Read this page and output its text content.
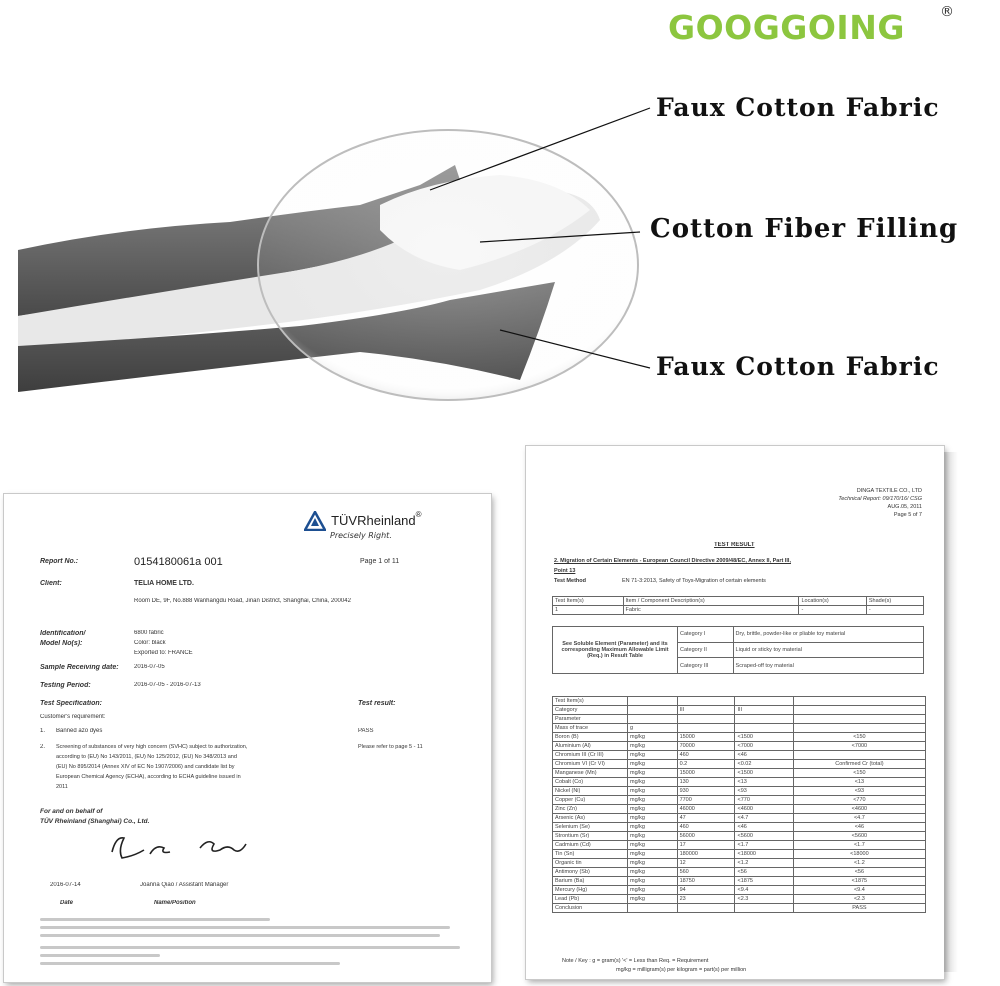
GOOGGOING	®
Faux Cotton Fabric
Cotton Fiber Filling
Faux Cotton Fabric
TÜVRheinland®
Precisely Right.
Report No.:	0154180061a 001	Page 1 of 11
Client:	TELIA HOME LTD.
Room DE, 9F, No.888 Wanhangdu Road, Jinan District, Shanghai, China, 200042
Identification/
Model No(s):
6800 fabric
Color: black
Exported to: FRANCE
Sample Receiving date:	2016-07-05
Testing Period:	2016-07-05 - 2016-07-13
Test Specification:	Test result:
Customer's requirement:
1. Banned azo dyes	PASS
2. Screening of substances of very high concern (SVHC) subject to authorization,
according to (EU) No 143/2011, (EU) No 125/2012, (EU) No 348/2013 and
(EU) No 895/2014 (Annex XIV of EC No 1907/2006) and candidate list by
European Chemical Agency (ECHA), according to ECHA guideline issued in
2011
Please refer to page 5 - 11
For and on behalf of
TÜV Rheinland (Shanghai) Co., Ltd.
2016-07-14	Joanna Qiao / Assistant Manager
Date	Name/Position
DINGA TEXTILE CO., LTD
Technical Report: 09/170/16/ CSG
AUG.05, 2011
Page 5 of 7
TEST RESULT
2. Migration of Certain Elements - European Council Directive 2009/48/EC, Annex II, Part III,
Point 13
Test Method	EN 71-3:2013, Safety of Toys-Migration of certain elements
Test Item(s)	Item / Component Description(s)	Location(s)	Shade(s)
1	Fabric	-	-
See Soluble Element (Parameter) and its corresponding Maximum Allowable Limit (Req.) in Result Table	Category I	Dry, brittle, powder-like or pliable toy material
	Category II	Liquid or sticky toy material
	Category III	Scraped-off toy material
Test Item(s)				
Category		III	III	
Parameter				
Mass of trace	g			
Boron (B)	mg/kg	15000	<1500	<150
Aluminium (Al)	mg/kg	70000	<7000	<7000
Chromium III (Cr III)	mg/kg	460	<46	
Chromium VI (Cr VI)	mg/kg	0.2	<0.02	Confirmed Cr (total)
Manganese (Mn)	mg/kg	15000	<1500	<150
Cobalt (Co)	mg/kg	130	<13	<13
Nickel (Ni)	mg/kg	930	<93	<93
Copper (Cu)	mg/kg	7700	<770	<770
Zinc (Zn)	mg/kg	46000	<4600	<4600
Arsenic (As)	mg/kg	47	<4.7	<4.7
Selenium (Se)	mg/kg	460	<46	<46
Strontium (Sr)	mg/kg	56000	<5600	<5600
Cadmium (Cd)	mg/kg	17	<1.7	<1.7
Tin (Sn)	mg/kg	180000	<18000	<18000
Organic tin	mg/kg	12	<1.2	<1.2
Antimony (Sb)	mg/kg	560	<56	<56
Barium (Ba)	mg/kg	18750	<1875	<1875
Mercury (Hg)	mg/kg	94	<9.4	<9.4
Lead (Pb)	mg/kg	23	<2.3	<2.3
Conclusion				PASS
Note / Key : g = gram(s) '<' = Less than Req. = Requirement
mg/kg = milligram(s) per kilogram = part(s) per million
